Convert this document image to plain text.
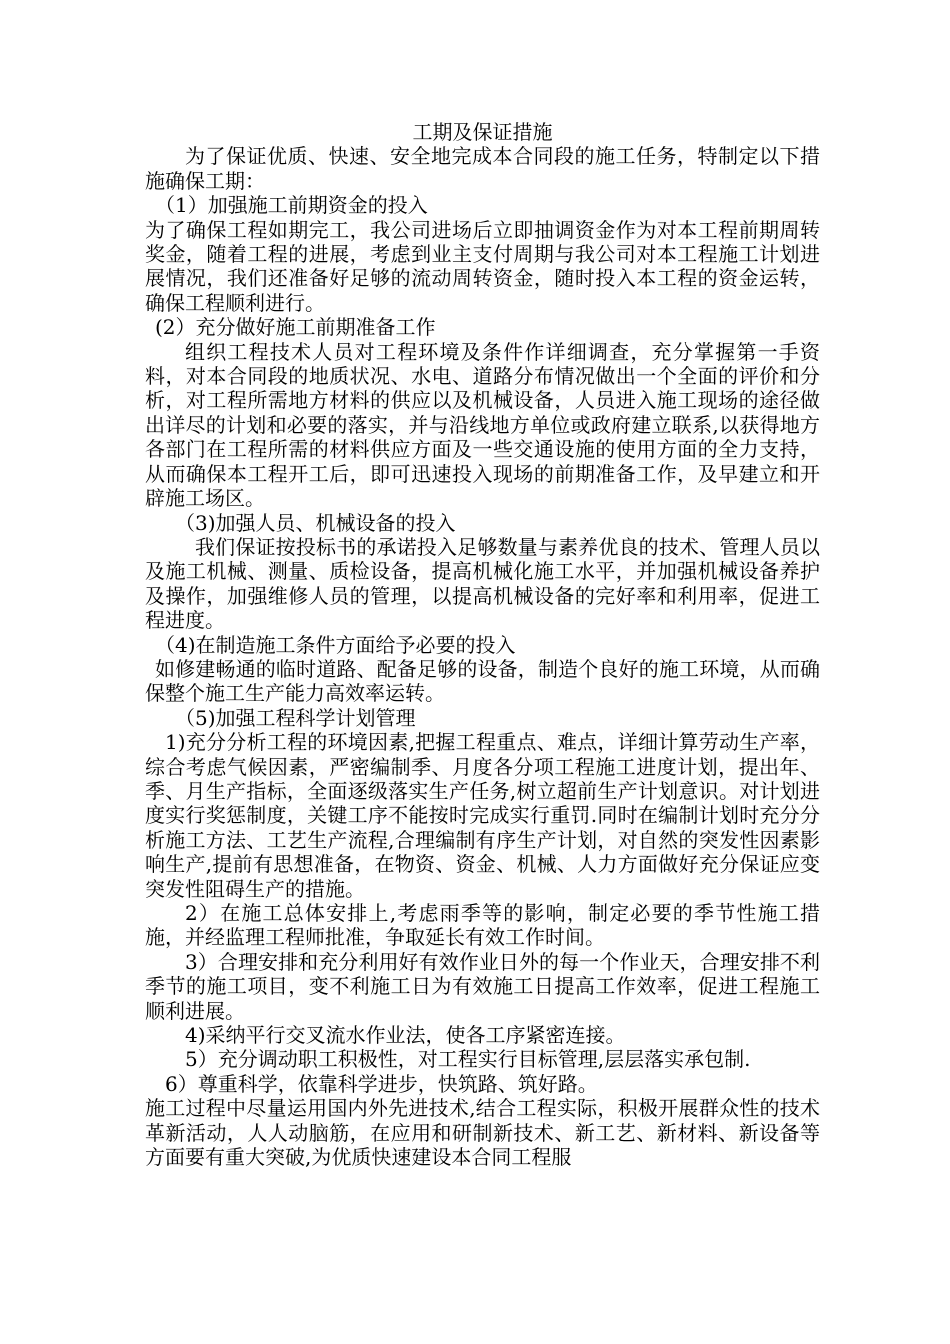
工期及保证措施

为了保证优质、快速、安全地完成本合同段的施工任务，特制定以下措施确保工期：

（1）加强施工前期资金的投入

为了确保工程如期完工，我公司进场后立即抽调资金作为对本工程前期周转奖金，随着工程的进展，考虑到业主支付周期与我公司对本工程施工计划进展情况，我们还准备好足够的流动周转资金，随时投入本工程的资金运转，确保工程顺利进行。

(2）充分做好施工前期准备工作

组织工程技术人员对工程环境及条件作详细调查，充分掌握第一手资料，对本合同段的地质状况、水电、道路分布情况做出一个全面的评价和分析，对工程所需地方材料的供应以及机械设备，人员进入施工现场的途径做出详尽的计划和必要的落实，并与沿线地方单位或政府建立联系,以获得地方各部门在工程所需的材料供应方面及一些交通设施的使用方面的全力支持，从而确保本工程开工后，即可迅速投入现场的前期准备工作，及早建立和开辟施工场区。

（3)加强人员、机械设备的投入

我们保证按投标书的承诺投入足够数量与素养优良的技术、管理人员以及施工机械、测量、质检设备，提高机械化施工水平，并加强机械设备养护及操作，加强维修人员的管理，以提高机械设备的完好率和利用率，促进工程进度。

（4)在制造施工条件方面给予必要的投入

如修建畅通的临时道路、配备足够的设备，制造个良好的施工环境，从而确保整个施工生产能力高效率运转。

（5)加强工程科学计划管理

1)充分分析工程的环境因素,把握工程重点、难点，详细计算劳动生产率，综合考虑气候因素，严密编制季、月度各分项工程施工进度计划，提出年、季、月生产指标，全面逐级落实生产任务,树立超前生产计划意识。对计划进度实行奖惩制度，关键工序不能按时完成实行重罚.同时在编制计划时充分分析施工方法、工艺生产流程,合理编制有序生产计划，对自然的突发性因素影响生产,提前有思想准备，在物资、资金、机械、人力方面做好充分保证应变突发性阻碍生产的措施。

2）在施工总体安排上,考虑雨季等的影响，制定必要的季节性施工措施，并经监理工程师批准，争取延长有效工作时间。

3）合理安排和充分利用好有效作业日外的每一个作业天，合理安排不利季节的施工项目，变不利施工日为有效施工日提高工作效率，促进工程施工顺利进展。

4)采纳平行交叉流水作业法，使各工序紧密连接。

5）充分调动职工积极性，对工程实行目标管理,层层落实承包制.

6）尊重科学，依靠科学进步，快筑路、筑好路。

施工过程中尽量运用国内外先进技术,结合工程实际，积极开展群众性的技术革新活动，人人动脑筋，在应用和研制新技术、新工艺、新材料、新设备等方面要有重大突破,为优质快速建设本合同工程服
